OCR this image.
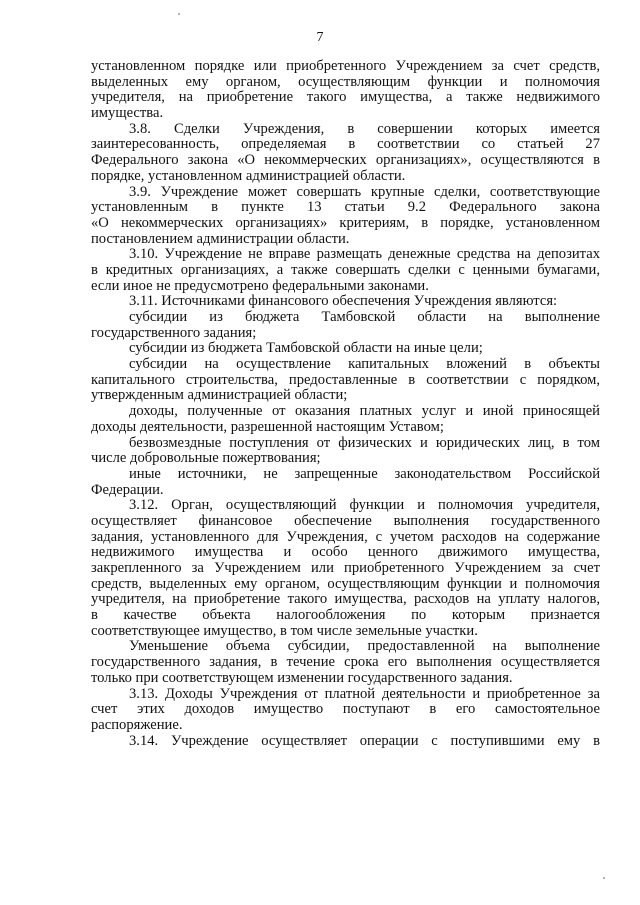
7
установленном порядке или приобретенного Учреждением за счет средств,
выделенных ему органом, осуществляющим функции и полномочия
учредителя, на приобретение такого имущества, а также недвижимого
имущества.
3.8. Сделки Учреждения, в совершении которых имеется
заинтересованность, определяемая в соответствии со статьей 27
Федерального закона «О некоммерческих организациях», осуществляются в
порядке, установленном администрацией области.
3.9. Учреждение может совершать крупные сделки, соответствующие
установленным в пункте 13 статьи 9.2 Федерального закона
«О некоммерческих организациях» критериям, в порядке, установленном
постановлением администрации области.
3.10. Учреждение не вправе размещать денежные средства на депозитах
в кредитных организациях, а также совершать сделки с ценными бумагами,
если иное не предусмотрено федеральными законами.
3.11. Источниками финансового обеспечения Учреждения являются:
субсидии из бюджета Тамбовской области на выполнение
государственного задания;
субсидии из бюджета Тамбовской области на иные цели;
субсидии на осуществление капитальных вложений в объекты
капитального строительства, предоставленные в соответствии с порядком,
утвержденным администрацией области;
доходы, полученные от оказания платных услуг и иной приносящей
доходы деятельности, разрешенной настоящим Уставом;
безвозмездные поступления от физических и юридических лиц, в том
числе добровольные пожертвования;
иные источники, не запрещенные законодательством Российской
Федерации.
3.12. Орган, осуществляющий функции и полномочия учредителя,
осуществляет финансовое обеспечение выполнения государственного
задания, установленного для Учреждения, с учетом расходов на содержание
недвижимого имущества и особо ценного движимого имущества,
закрепленного за Учреждением или приобретенного Учреждением за счет
средств, выделенных ему органом, осуществляющим функции и полномочия
учредителя, на приобретение такого имущества, расходов на уплату налогов,
в качестве объекта налогообложения по которым признается
соответствующее имущество, в том числе земельные участки.
Уменьшение объема субсидии, предоставленной на выполнение
государственного задания, в течение срока его выполнения осуществляется
только при соответствующем изменении государственного задания.
3.13. Доходы Учреждения от платной деятельности и приобретенное за
счет этих доходов имущество поступают в его самостоятельное
распоряжение.
3.14. Учреждение осуществляет операции с поступившими ему в
